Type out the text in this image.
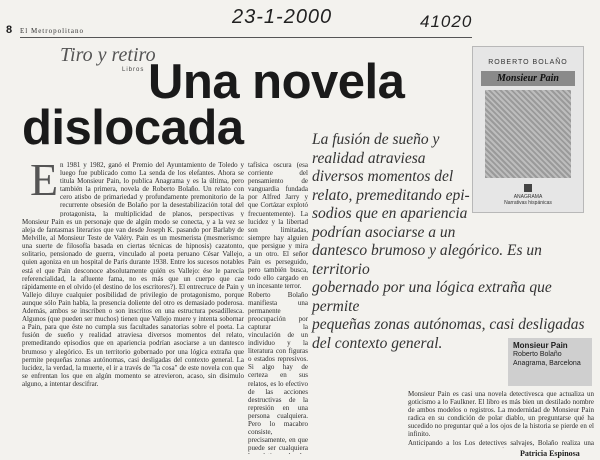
23-1-2000	41020
8 El Metropolitano
Tiro y retiro
Libros Una novela
dislocada
ROBERTO BOLAÑO
Monsieur Pain
ANAGRAMA
Narrativas hispánicas
La fusión de sueño y
realidad atraviesa
diversos momentos del
relato, premeditando epi-
sodios que en apariencia
podrían asociarse a un
dantesco brumoso y alegórico. Es un territorio
gobernado por una lógica extraña que permite
pequeñas zonas autónomas, casi desligadas
del contexto general.
E n 1981 y 1982, ganó el Premio del Ayuntamiento de Toledo y luego fue publicado como La senda de los elefantes. Ahora se titula Monsieur Pain, lo publica Anagrama y es la última, pero también la primera, novela de Roberto Bolaño. Un relato con cero atisbo de primariedad y profundamente premonitorio de la recurrente obsesión de Bolaño por la desestabilización total del protagonista, la multiplicidad de planos, perspectivas y
Monsieur Pain es un personaje que de algún modo se conecta, y a la vez se aleja de fantasmas literarios que van desde Joseph K. pasando por Barlaby de Melville, al Monsieur Teste de Valéry. Pain es un mesmerista (mesmerismo: una suerte de filosofía basada en ciertas técnicas de hipnosis) cazatonto, solitario, pensionado de guerra, vinculado al poeta peruano César Vallejo, quien agoniza en un hospital de París durante 1938. Entre los sucesos notables está el que Pain desconoce absolutamente quién es Vallejo: ése le parecía referencialidad, la afluente fama, no es más que un cuerpo que cae rápidamente en el olvido (el destino de los escritores?). El entrecruce de Pain y Vallejo diluye cualquier posibilidad de privilegio de protagonismo, porque aunque sólo Pain habla, la presencia doliente del otro es demasiado poderosa. Además, ambos se inscriben o son inscritos en una estructura pesadillesca. Algunos (que pueden ser muchos) tienen que Vallejo muere y intenta sobornar a Pain, para que éste no cumpla sus facultades sanatorias sobre el poeta. La fusión de sueño y realidad atraviesa diversos momentos del relato, premeditando episodios que en apariencia podrían asociarse a un dantesco brumoso y alegórico. Es un territorio gobernado por una lógica extraña que permite pequeñas zonas autónomas, casi desligadas del contexto general. La lucidez, la verdad, la muerte, el ir a través de "la cosa" de este novela con que se enfrentan los que en algún momento se atrevieron, acaso, sin disimulo alguno, a intentar descifrar.
tafísica oscura (esa corriente del pensamiento de vanguardia fundada por Alfred Jarry y que Cortázar explotó frecuentemente). La lucidez y la libertad son limitadas, siempre hay alguien que persigue y mira a un otro. El señor Pain es perseguido, pero también busca, todo ello cargado en un incesante terror.
Roberto Bolaño manifiesta una permanente preocupación por capturar la vinculación de un individuo y la literatura con figuras o estados represivos. Si algo hay de certeza en sus relatos, es lo efectivo de las acciones destructivas de la represión en una persona cualquiera. Pero lo macabro consiste, precisamente, en que puede ser cualquiera

Monsieur Pain
Roberto Bolaño
Anagrama, Barcelona
Monsieur Pain es casi una novela detectivesca que actualiza un goticismo a lo Faulkner. El libro es más bien un destilado nombre de ambos modelos o registros. La modernidad de Monsieur Pain radica en su condición de polar diablo, un preguntarse qué ha sucedido no preguntar qué a los ojos de la historia se pierde en el infinito.
Anticipando a los Los detectives salvajes, Bolaño realiza una
Patricia Espinosa
